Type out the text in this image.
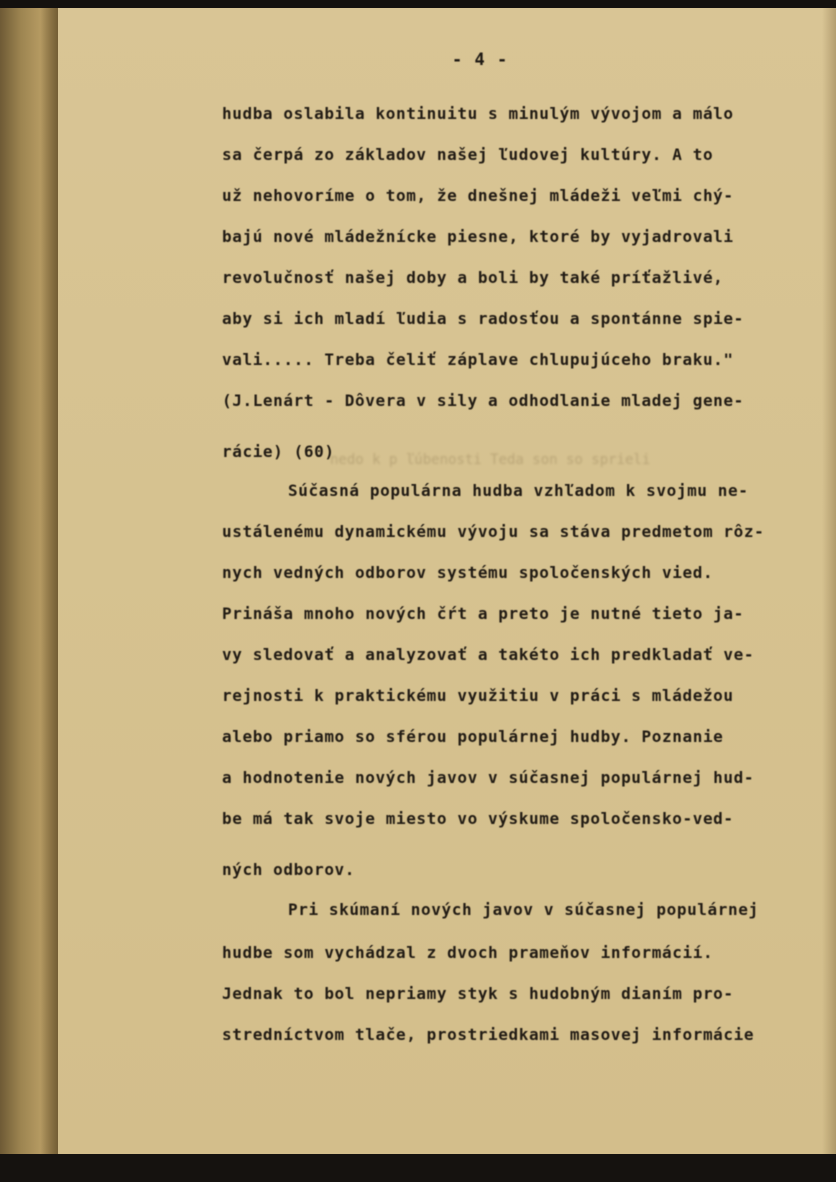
nedo k p ľúbenosti Teda son so sprieli
- 4 -
hudba oslabila kontinuitu s minulým vývojom a málo
sa čerpá zo základov našej ľudovej kultúry. A to
už nehovoríme o tom, že dnešnej mládeži veľmi chý-
bajú nové mládežnícke piesne, ktoré by vyjadrovali
revolučnosť našej doby a boli by také príťažlivé,
aby si ich mladí ľudia s radosťou a spontánne spie-
vali..... Treba čeliť záplave chlupujúceho braku."
(J.Lenárt - Dôvera v sily a odhodlanie mladej gene-
rácie) (60)
Súčasná populárna hudba vzhľadom k svojmu ne-
ustálenému dynamickému vývoju sa stáva predmetom rôz-
nych vedných odborov systému spoločenských vied.
Prináša mnoho nových čŕt a preto je nutné tieto ja-
vy sledovať a analyzovať a takéto ich predkladať ve-
rejnosti k praktickému využitiu v práci s mládežou
alebo priamo so sférou populárnej hudby. Poznanie
a hodnotenie nových javov v súčasnej populárnej hud-
be má tak svoje miesto vo výskume spoločensko-ved-
ných odborov.
Pri skúmaní nových javov v súčasnej populárnej
hudbe som vychádzal z dvoch prameňov informácií.
Jednak to bol nepriamy styk s hudobným dianím pro-
stredníctvom tlače, prostriedkami masovej informácie
